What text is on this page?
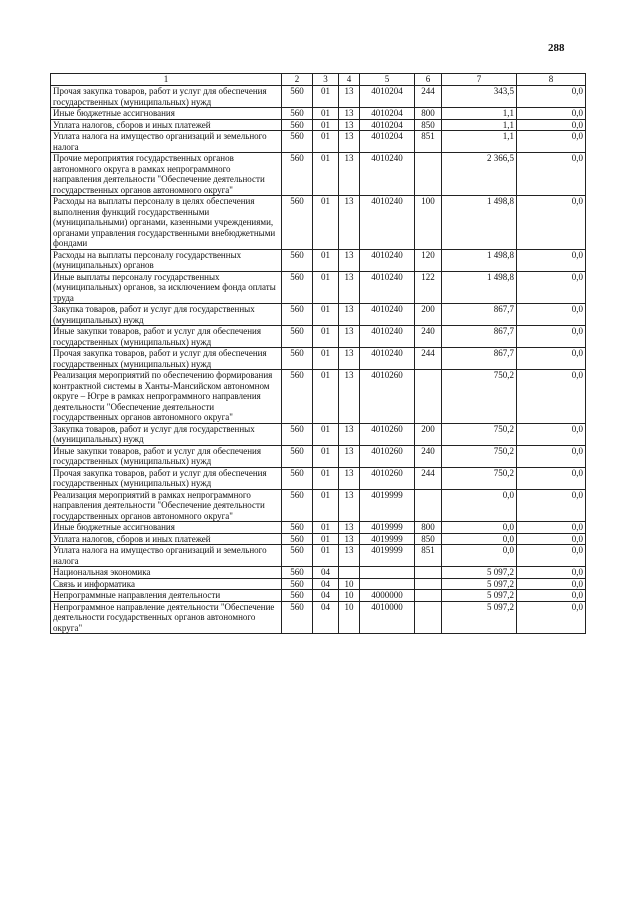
288
1	2	3	4	5	6	7	8
Прочая закупка товаров, работ и услуг для обеспечения государственных (муниципальных) нужд	560	01	13	4010204	244	343,5	0,0
Иные бюджетные ассигнования	560	01	13	4010204	800	1,1	0,0
Уплата налогов, сборов и иных платежей	560	01	13	4010204	850	1,1	0,0
Уплата налога на имущество организаций и земельного налога	560	01	13	4010204	851	1,1	0,0
Прочие мероприятия государственных органов автономного округа в рамках непрограммного направления деятельности "Обеспечение деятельности государственных органов автономного округа"	560	01	13	4010240		2 366,5	0,0
Расходы на выплаты персоналу в целях обеспечения выполнения функций государственными (муниципальными) органами, казенными учреждениями, органами управления государственными внебюджетными фондами	560	01	13	4010240	100	1 498,8	0,0
Расходы на выплаты персоналу государственных (муниципальных) органов	560	01	13	4010240	120	1 498,8	0,0
Иные выплаты персоналу государственных (муниципальных) органов, за исключением фонда оплаты труда	560	01	13	4010240	122	1 498,8	0,0
Закупка товаров, работ и услуг для государственных (муниципальных) нужд	560	01	13	4010240	200	867,7	0,0
Иные закупки товаров, работ и услуг для обеспечения государственных (муниципальных) нужд	560	01	13	4010240	240	867,7	0,0
Прочая закупка товаров, работ и услуг для обеспечения государственных (муниципальных) нужд	560	01	13	4010240	244	867,7	0,0
Реализация мероприятий по обеспечению формирования контрактной системы в Ханты-Мансийском автономном округе – Югре в рамках непрограммного направления деятельности "Обеспечение деятельности государственных органов автономного округа"	560	01	13	4010260		750,2	0,0
Закупка товаров, работ и услуг для государственных (муниципальных) нужд	560	01	13	4010260	200	750,2	0,0
Иные закупки товаров, работ и услуг для обеспечения государственных (муниципальных) нужд	560	01	13	4010260	240	750,2	0,0
Прочая закупка товаров, работ и услуг для обеспечения государственных (муниципальных) нужд	560	01	13	4010260	244	750,2	0,0
Реализация мероприятий в рамках непрограммного направления деятельности "Обеспечение деятельности государственных органов автономного округа"	560	01	13	4019999		0,0	0,0
Иные бюджетные ассигнования	560	01	13	4019999	800	0,0	0,0
Уплата налогов, сборов и иных платежей	560	01	13	4019999	850	0,0	0,0
Уплата налога на имущество организаций и земельного налога	560	01	13	4019999	851	0,0	0,0
Национальная экономика	560	04				5 097,2	0,0
Связь и информатика	560	04	10			5 097,2	0,0
Непрограммные направления деятельности	560	04	10	4000000		5 097,2	0,0
Непрограммное направление деятельности "Обеспечение деятельности государственных органов автономного округа"	560	04	10	4010000		5 097,2	0,0
